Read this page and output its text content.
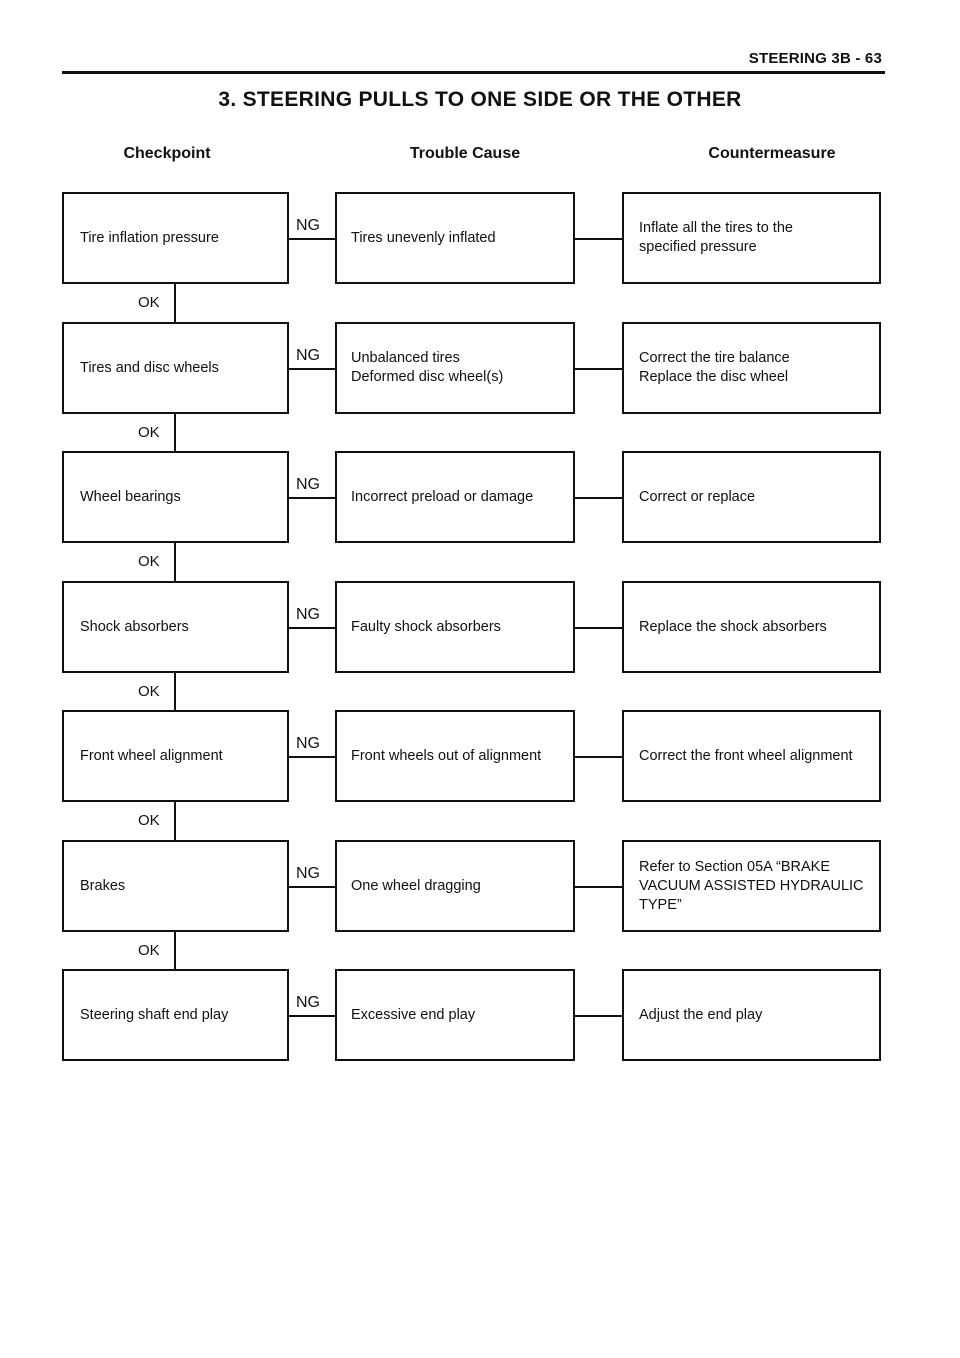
STEERING 3B - 63
3. STEERING PULLS TO ONE SIDE OR THE OTHER
Checkpoint	Trouble Cause	Countermeasure
Tire inflation pressure
NG
Tires unevenly inflated
Inflate all the tires to the
specified pressure
OK
Tires and disc wheels
NG Unbalanced tires
Deformed disc wheel(s)
Correct the tire balance
Replace the disc wheel
OK
Wheel bearings
NG
Incorrect preload or damage	Correct or replace
OK
Shock absorbers
NG
Faulty shock absorbers	Replace the shock absorbers
OK
Front wheel alignment
NG
Front wheels out of alignment	Correct the front wheel alignment
OK
Brakes
NG
One wheel dragging
Refer to Section 05A “BRAKE
VACUUM ASSISTED HYDRAULIC
TYPE”
OK
Steering shaft end play
NG
Excessive end play	Adjust the end play
